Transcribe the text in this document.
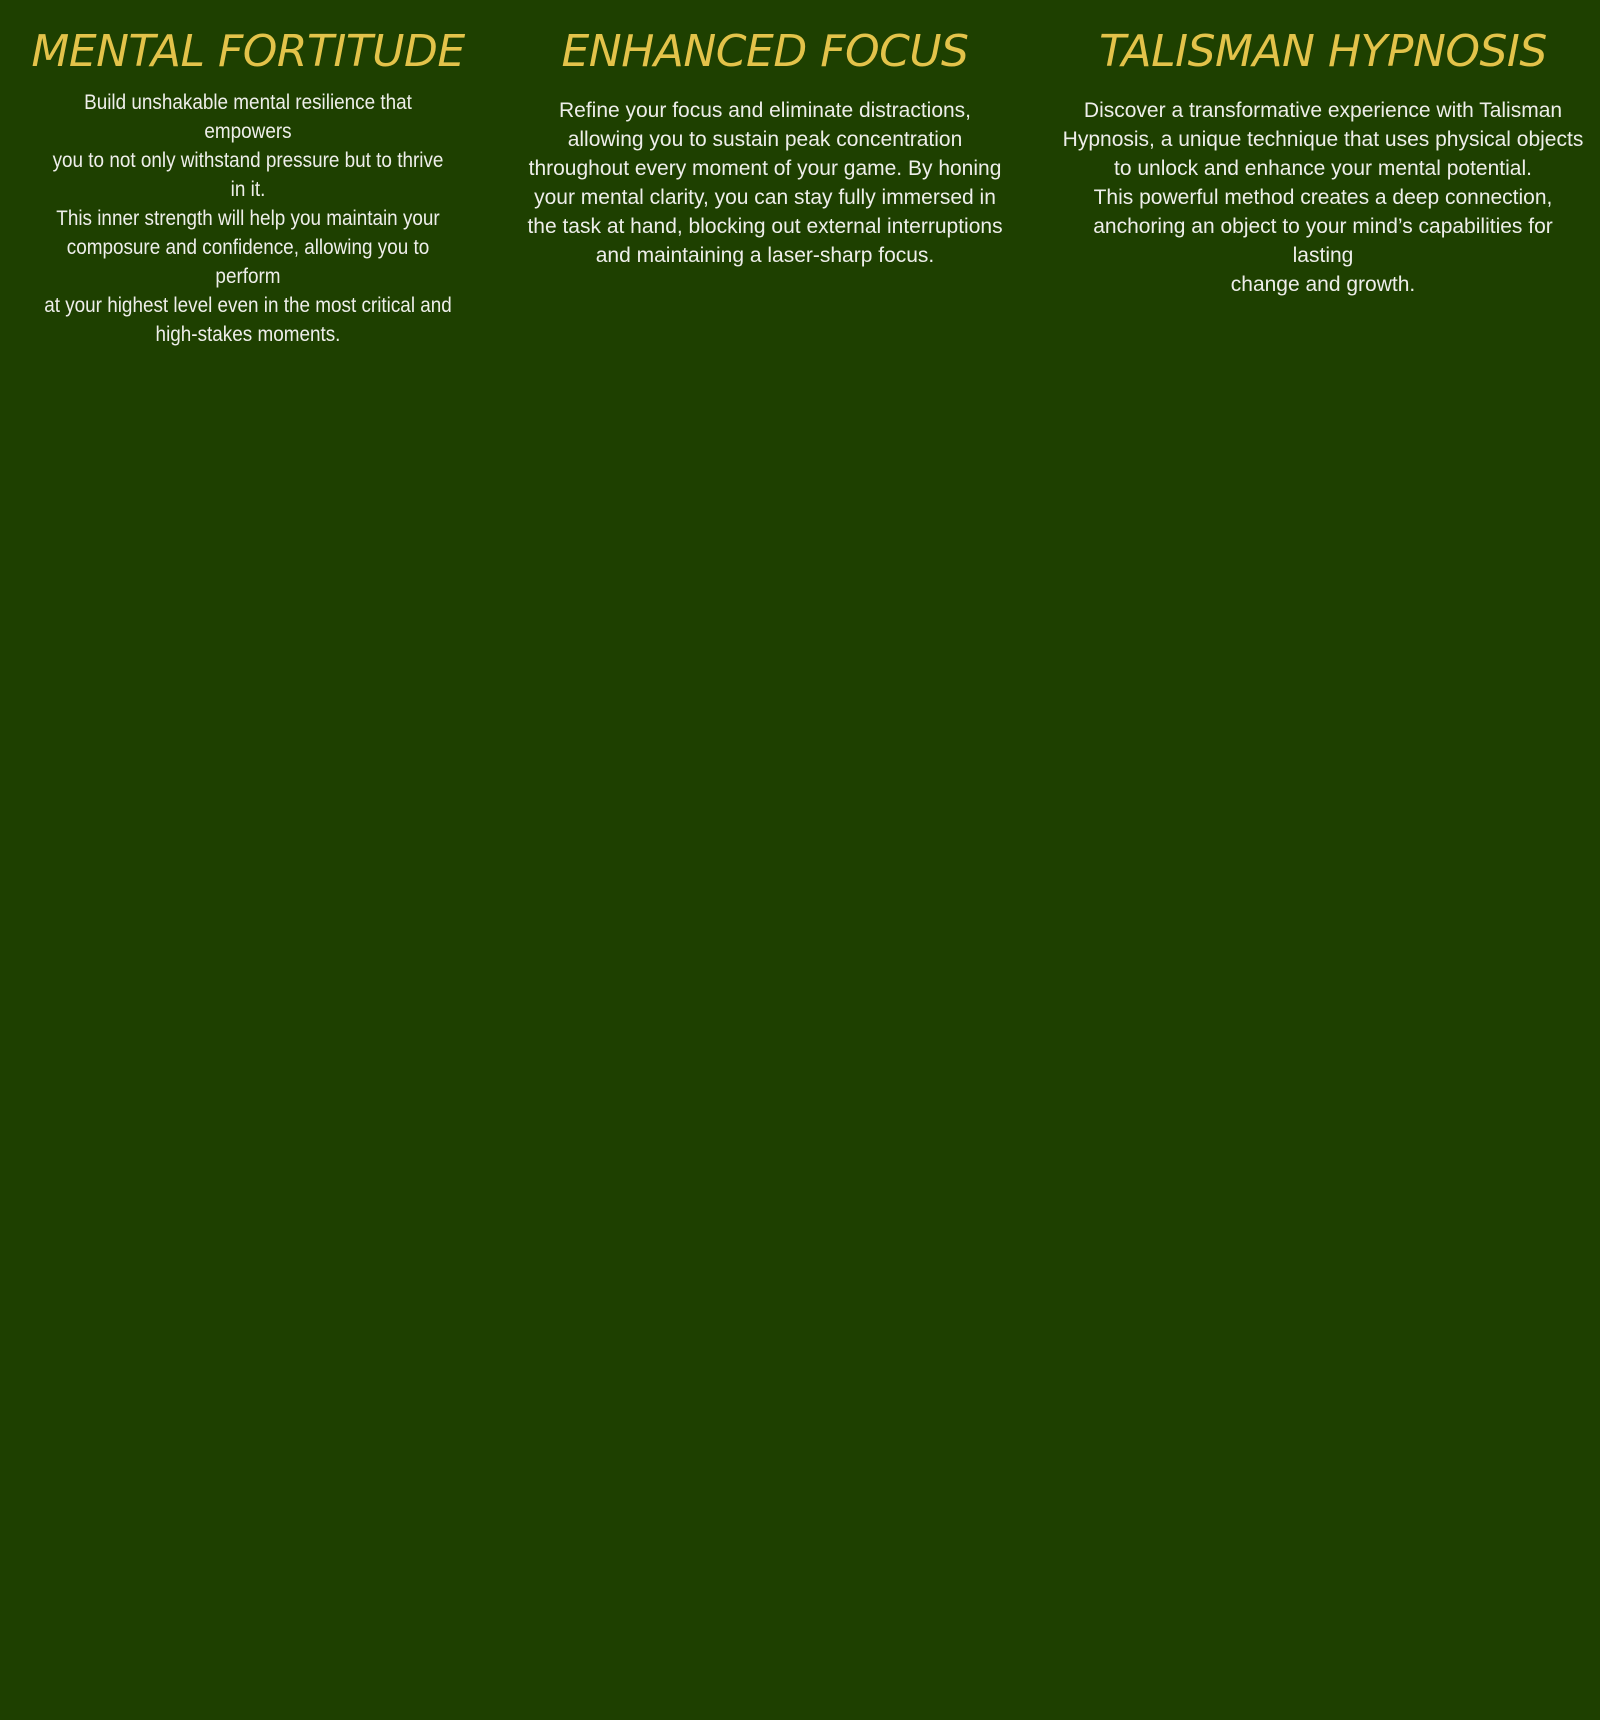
MENTAL FORTITUDE

Build unshakable mental resilience that empowers
you to not only withstand pressure but to thrive in it.
This inner strength will help you maintain your
composure and confidence, allowing you to perform
at your highest level even in the most critical and
high-stakes moments.

ENHANCED FOCUS

Refine your focus and eliminate distractions,
allowing you to sustain peak concentration
throughout every moment of your game. By honing
your mental clarity, you can stay fully immersed in
the task at hand, blocking out external interruptions
and maintaining a laser-sharp focus.

TALISMAN HYPNOSIS

Discover a transformative experience with Talisman
Hypnosis, a unique technique that uses physical objects
to unlock and enhance your mental potential.
This powerful method creates a deep connection,
anchoring an object to your mind’s capabilities for lasting
change and growth.
